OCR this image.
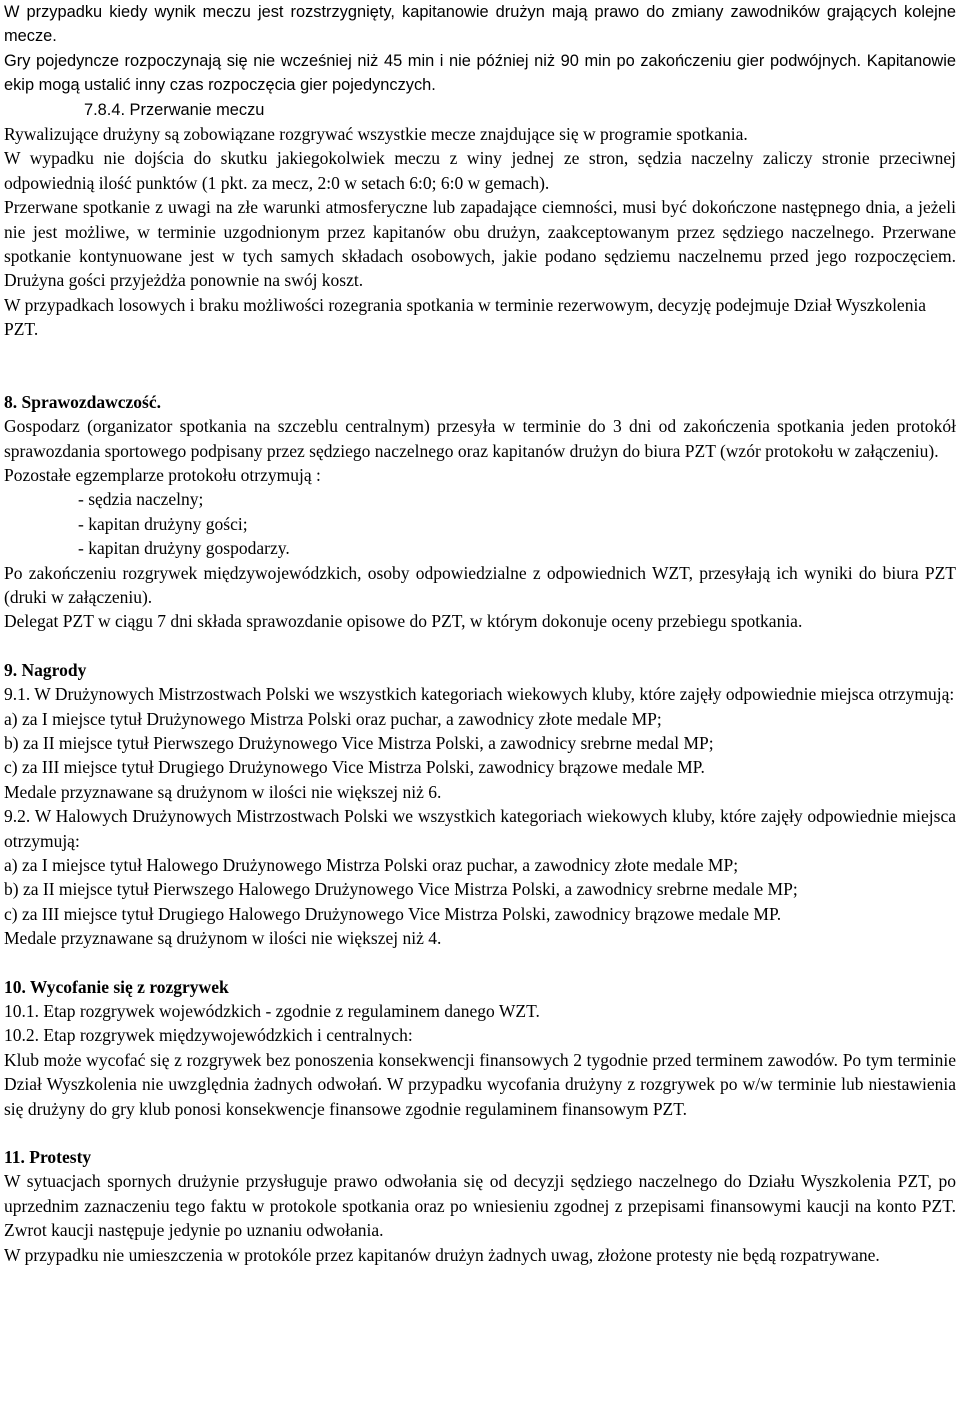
W przypadku kiedy wynik meczu jest rozstrzygnięty, kapitanowie drużyn mają prawo do zmiany zawodników grających kolejne mecze.

Gry pojedyncze rozpoczynają się nie wcześniej niż 45 min i nie później niż 90 min po zakończeniu gier podwójnych. Kapitanowie ekip mogą ustalić inny czas rozpoczęcia gier pojedynczych.

7.8.4. Przerwanie meczu

Rywalizujące drużyny są zobowiązane rozgrywać wszystkie mecze znajdujące się w programie spotkania.

W wypadku nie dojścia do skutku jakiegokolwiek meczu z winy jednej ze stron, sędzia naczelny zaliczy stronie przeciwnej odpowiednią ilość punktów (1 pkt. za mecz, 2:0 w setach 6:0; 6:0 w gemach).

Przerwane spotkanie z uwagi na złe warunki atmosferyczne lub zapadające ciemności, musi być dokończone następnego dnia, a jeżeli nie jest możliwe, w terminie uzgodnionym przez kapitanów obu drużyn, zaakceptowanym przez sędziego naczelnego. Przerwane spotkanie kontynuowane jest w tych samych składach osobowych, jakie podano sędziemu naczelnemu przed jego rozpoczęciem. Drużyna gości przyjeżdża ponownie na swój koszt.

W przypadkach losowych i braku możliwości rozegrania spotkania w terminie rezerwowym, decyzję podejmuje Dział Wyszkolenia PZT.

8. Sprawozdawczość.

Gospodarz (organizator spotkania na szczeblu centralnym) przesyła w terminie do 3 dni od zakończenia spotkania jeden protokół sprawozdania sportowego podpisany przez sędziego naczelnego oraz kapitanów drużyn do biura PZT (wzór protokołu w załączeniu).

Pozostałe egzemplarze protokołu otrzymują :

- sędzia naczelny;

- kapitan drużyny gości;

- kapitan drużyny gospodarzy.

Po zakończeniu rozgrywek międzywojewódzkich, osoby odpowiedzialne z odpowiednich WZT, przesyłają ich wyniki do biura PZT (druki w załączeniu).

Delegat PZT w ciągu 7 dni składa sprawozdanie opisowe do PZT, w którym dokonuje oceny przebiegu spotkania.

9. Nagrody

9.1. W Drużynowych Mistrzostwach Polski we wszystkich kategoriach wiekowych kluby, które zajęły odpowiednie miejsca otrzymują:

a) za I miejsce tytuł Drużynowego Mistrza Polski oraz puchar, a zawodnicy złote medale MP;

b) za II miejsce tytuł Pierwszego Drużynowego Vice Mistrza Polski, a zawodnicy srebrne medal MP;

c) za III miejsce tytuł Drugiego Drużynowego Vice Mistrza Polski, zawodnicy brązowe medale MP.

Medale przyznawane są drużynom w ilości nie większej niż 6.

9.2. W Halowych Drużynowych Mistrzostwach Polski we wszystkich kategoriach wiekowych kluby, które zajęły odpowiednie miejsca otrzymują:

a) za I miejsce tytuł Halowego Drużynowego Mistrza Polski oraz puchar, a zawodnicy złote medale MP;

b) za II miejsce tytuł Pierwszego Halowego Drużynowego Vice Mistrza Polski, a zawodnicy srebrne medale MP;

c) za III miejsce tytuł Drugiego Halowego Drużynowego Vice Mistrza Polski, zawodnicy brązowe medale MP.

Medale przyznawane są drużynom w ilości nie większej niż 4.

10. Wycofanie się z rozgrywek

10.1. Etap rozgrywek wojewódzkich - zgodnie z regulaminem danego WZT.

10.2. Etap rozgrywek międzywojewódzkich i centralnych:

Klub może wycofać się z rozgrywek bez ponoszenia konsekwencji finansowych 2 tygodnie przed terminem zawodów. Po tym terminie Dział Wyszkolenia nie uwzględnia żadnych odwołań. W przypadku wycofania drużyny z rozgrywek po w/w terminie lub niestawienia się drużyny do gry klub ponosi konsekwencje finansowe zgodnie regulaminem finansowym PZT.

11. Protesty

W sytuacjach spornych drużynie przysługuje prawo odwołania się od decyzji sędziego naczelnego do Działu Wyszkolenia PZT, po uprzednim zaznaczeniu tego faktu w protokole spotkania oraz po wniesieniu zgodnej z przepisami finansowymi kaucji na konto PZT. Zwrot kaucji następuje jedynie po uznaniu odwołania.

W przypadku nie umieszczenia w protokóle przez kapitanów drużyn żadnych uwag, złożone protesty nie będą rozpatrywane.
